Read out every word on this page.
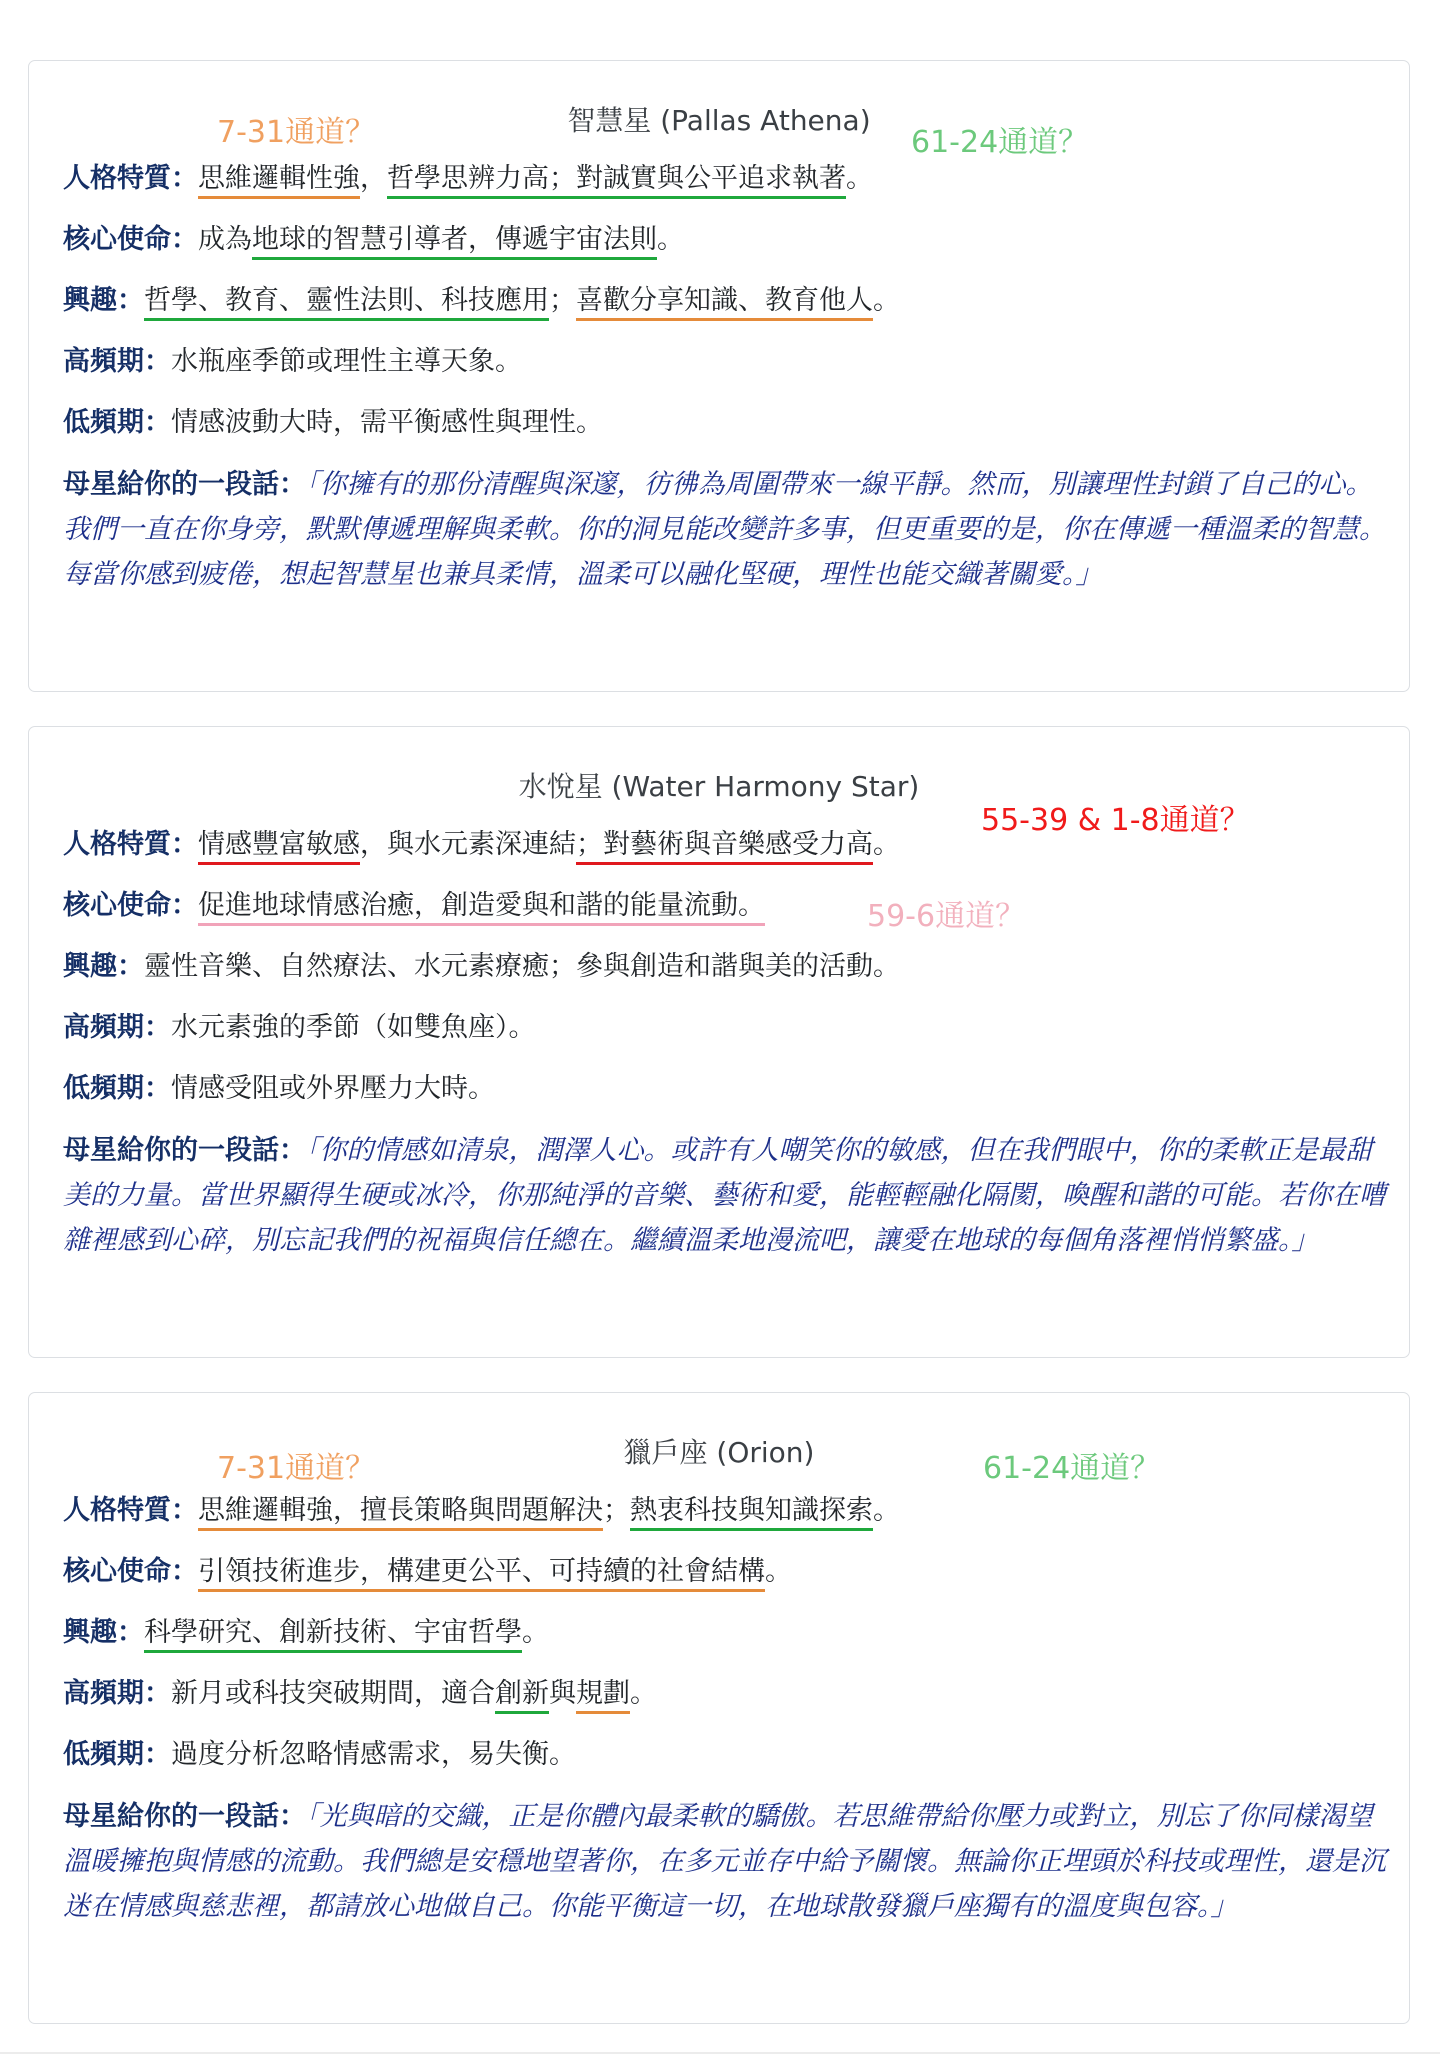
智慧星 (Pallas Athena)
7-31通道？	61-24通道？
人格特質：思維邏輯性強，哲學思辨力高；對誠實與公平追求執著。
核心使命：成為地球的智慧引導者，傳遞宇宙法則。
興趣：哲學、教育、靈性法則、科技應用；喜歡分享知識、教育他人。
高頻期：水瓶座季節或理性主導天象。
低頻期：情感波動大時，需平衡感性與理性。
母星給你的一段話：「你擁有的那份清醒與深邃，彷彿為周圍帶來一線平靜。然而，別讓理性封鎖了自己的心。我們一直在你身旁，默默傳遞理解與柔軟。你的洞見能改變許多事，但更重要的是，你在傳遞一種溫柔的智慧。每當你感到疲倦，想起智慧星也兼具柔情，溫柔可以融化堅硬，理性也能交織著關愛。」
水悅星 (Water Harmony Star)
55-39 & 1-8通道？
59-6通道？
人格特質：情感豐富敏感，與水元素深連結；對藝術與音樂感受力高。
核心使命：促進地球情感治癒，創造愛與和諧的能量流動。
興趣：靈性音樂、自然療法、水元素療癒；參與創造和諧與美的活動。
高頻期：水元素強的季節（如雙魚座）。
低頻期：情感受阻或外界壓力大時。
母星給你的一段話：「你的情感如清泉，潤澤人心。或許有人嘲笑你的敏感，但在我們眼中，你的柔軟正是最甜美的力量。當世界顯得生硬或冰冷，你那純淨的音樂、藝術和愛，能輕輕融化隔閡，喚醒和諧的可能。若你在嘈雜裡感到心碎，別忘記我們的祝福與信任總在。繼續溫柔地漫流吧，讓愛在地球的每個角落裡悄悄繁盛。」
獵戶座 (Orion)
7-31通道？	61-24通道？
人格特質：思維邏輯強，擅長策略與問題解決；熱衷科技與知識探索。
核心使命：引領技術進步，構建更公平、可持續的社會結構。
興趣：科學研究、創新技術、宇宙哲學。
高頻期：新月或科技突破期間，適合創新與規劃。
低頻期：過度分析忽略情感需求，易失衡。
母星給你的一段話：「光與暗的交織，正是你體內最柔軟的驕傲。若思維帶給你壓力或對立，別忘了你同樣渴望溫暖擁抱與情感的流動。我們總是安穩地望著你，在多元並存中給予關懷。無論你正埋頭於科技或理性，還是沉迷在情感與慈悲裡，都請放心地做自己。你能平衡這一切，在地球散發獵戶座獨有的溫度與包容。」
